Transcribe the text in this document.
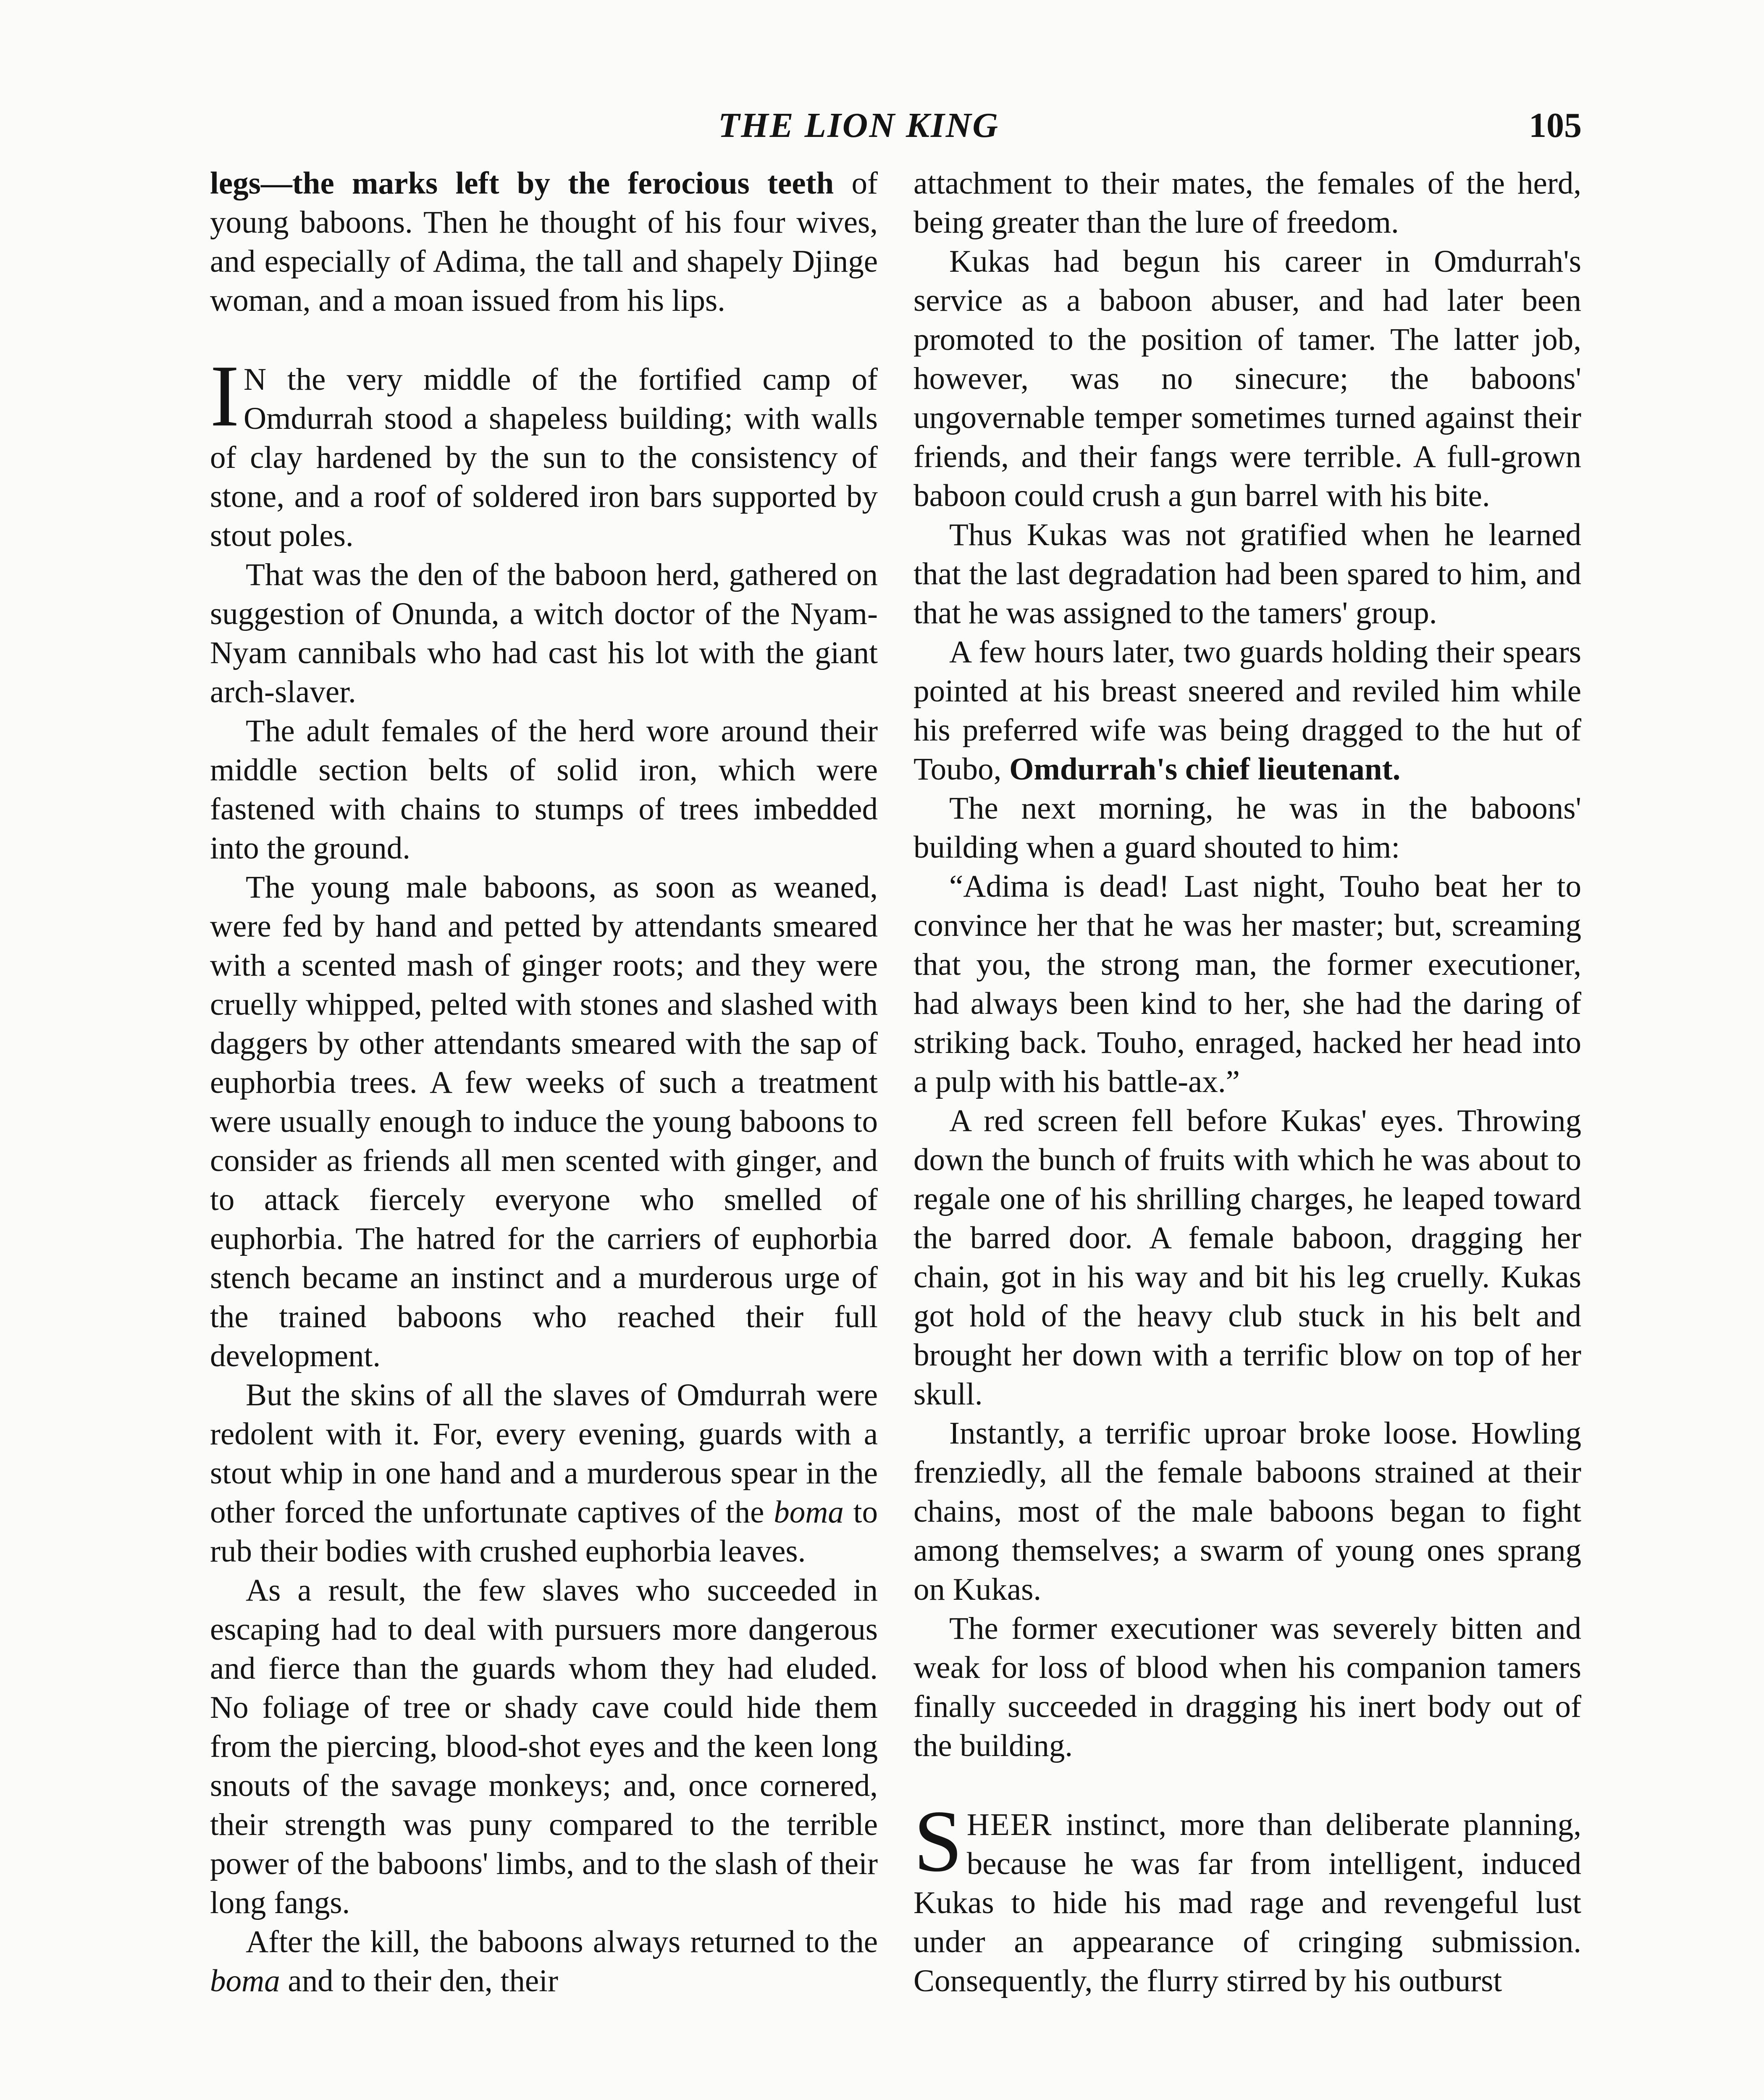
THE LION KING	105

legs—the marks left by the ferocious teeth of young baboons. Then he thought of his four wives, and especially of Adima, the tall and shapely Djinge woman, and a moan issued from his lips.

I N the very middle of the fortified camp of Omdurrah stood a shapeless building; with walls of clay hardened by the sun to the consistency of stone, and a roof of soldered iron bars supported by stout poles.

That was the den of the baboon herd, gathered on suggestion of Onunda, a witch doctor of the Nyam-Nyam cannibals who had cast his lot with the giant arch-slaver.

The adult females of the herd wore around their middle section belts of solid iron, which were fastened with chains to stumps of trees imbedded into the ground.

The young male baboons, as soon as weaned, were fed by hand and petted by attendants smeared with a scented mash of ginger roots; and they were cruelly whipped, pelted with stones and slashed with daggers by other attendants smeared with the sap of euphorbia trees. A few weeks of such a treatment were usually enough to induce the young baboons to consider as friends all men scented with ginger, and to attack fiercely everyone who smelled of euphorbia. The hatred for the carriers of euphorbia stench became an instinct and a murderous urge of the trained baboons who reached their full development.

But the skins of all the slaves of Omdurrah were redolent with it. For, every evening, guards with a stout whip in one hand and a murderous spear in the other forced the unfortunate captives of the boma to rub their bodies with crushed euphorbia leaves.

As a result, the few slaves who succeeded in escaping had to deal with pursuers more dangerous and fierce than the guards whom they had eluded. No foliage of tree or shady cave could hide them from the piercing, blood-shot eyes and the keen long snouts of the savage monkeys; and, once cornered, their strength was puny compared to the terrible power of the baboons' limbs, and to the slash of their long fangs.

After the kill, the baboons always returned to the boma and to their den, their

attachment to their mates, the females of the herd, being greater than the lure of freedom.

Kukas had begun his career in Omdurrah's service as a baboon abuser, and had later been promoted to the position of tamer. The latter job, however, was no sinecure; the baboons' ungovernable temper sometimes turned against their friends, and their fangs were terrible. A full-grown baboon could crush a gun barrel with his bite.

Thus Kukas was not gratified when he learned that the last degradation had been spared to him, and that he was assigned to the tamers' group.

A few hours later, two guards holding their spears pointed at his breast sneered and reviled him while his preferred wife was being dragged to the hut of Toubo, Omdurrah's chief lieutenant.

The next morning, he was in the baboons' building when a guard shouted to him:

“Adima is dead! Last night, Touho beat her to convince her that he was her master; but, screaming that you, the strong man, the former executioner, had always been kind to her, she had the daring of striking back. Touho, enraged, hacked her head into a pulp with his battle-ax.”

A red screen fell before Kukas' eyes. Throwing down the bunch of fruits with which he was about to regale one of his shrilling charges, he leaped toward the barred door. A female baboon, dragging her chain, got in his way and bit his leg cruelly. Kukas got hold of the heavy club stuck in his belt and brought her down with a terrific blow on top of her skull.

Instantly, a terrific uproar broke loose. Howling frenziedly, all the female baboons strained at their chains, most of the male baboons began to fight among themselves; a swarm of young ones sprang on Kukas.

The former executioner was severely bitten and weak for loss of blood when his companion tamers finally succeeded in dragging his inert body out of the building.

SHEER instinct, more than deliberate planning, because he was far from intelligent, induced Kukas to hide his mad rage and revengeful lust under an appearance of cringing submission. Consequently, the flurry stirred by his outburst
